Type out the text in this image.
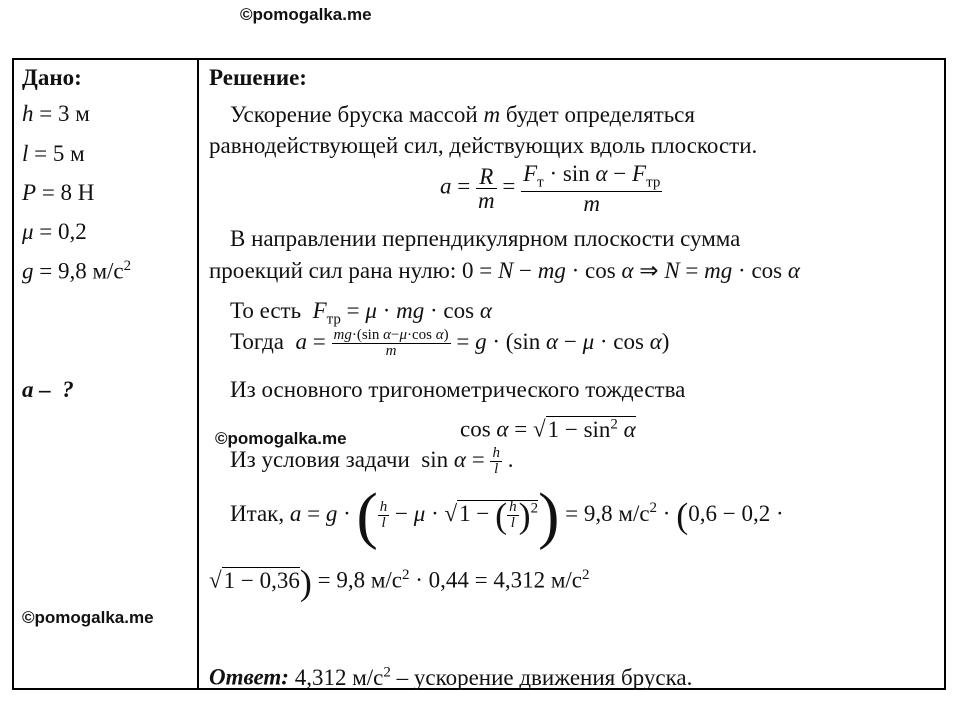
©pomogalka.me
Дано:
h = 3 м
l = 5 м
P = 8 Н
μ = 0,2
g = 9,8 $м/с^2$
a –  ?
©pomogalka.me
Решение:
Ускорение бруска массой m будет определяться
равнодействующей сил, действующих вдоль плоскости.
$a = \frac{R}{m} = \frac{F_т \cdot \sin \alpha - F_{тр}}{m}$
В направлении перпендикулярном плоскости сумма
проекций сил рана нулю: 0 = N − mg · cos α ⇒ N = mg · cos α
То есть $F_{тр} = \mu$ · mg · cos α
Тогда $a = \frac{\text{mg·(sin α−μ·cos α)}}{m} = g \cdot (\sin$ α − μ · cos α)
Из основного тригонометрического тождества
©pomogalka.me	$\cos \alpha = √1 - \sin^2 \alpha$
Из условия задачи  $\sin \alpha = \frac{h}{l}$ .
Итак, a = g · ( $\frac{h}{l} - \mu \cdot √1$ − ( $\frac{h}{l} )^2) = 9,8$ $м/с^2 \cdot (0,6 - 0,2$ ·
√1 − 0,36) = 9,8 $м/с^2 \cdot 0,44 = 4,312$ $м/с^2$
Ответ: 4,312 $м/с^2$ – ускорение движения бруска.
